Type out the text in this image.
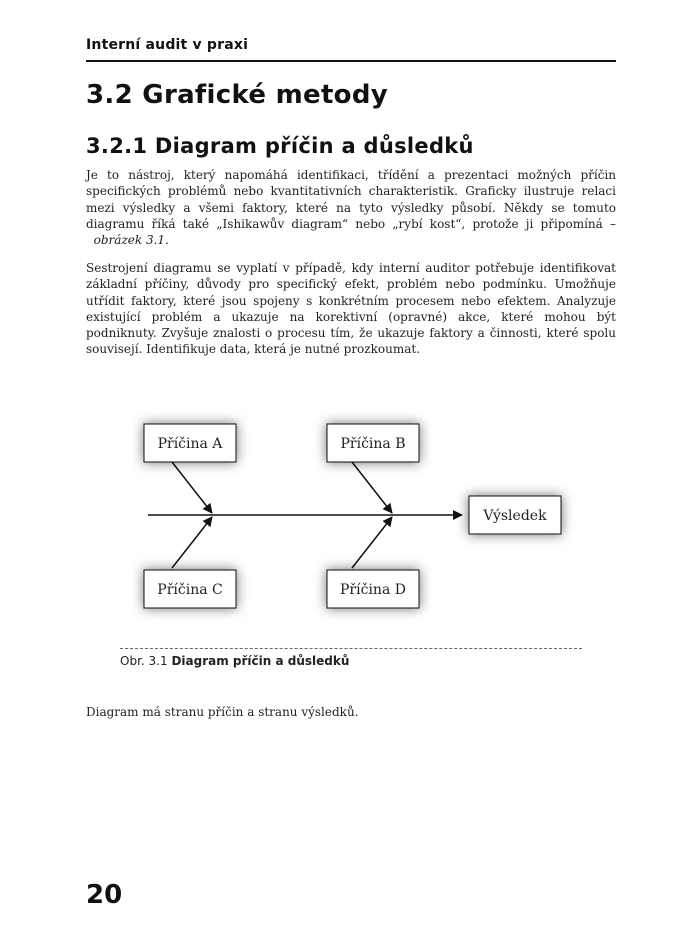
Interní audit v praxi
3.2 Grafické metody
3.2.1 Diagram příčin a důsledků

Je to nástroj, který napomáhá identifikaci, třídění a prezentaci možných příčin specifických problémů nebo kvantitativních charakteristik. Graficky ilustruje relaci mezi výsledky a všemi faktory, které na tyto výsledky působí. Někdy se tomuto diagramu říká také „Ishikawův diagram“ nebo „rybí kost“, protože ji připomíná –  obrázek 3.1.

Sestrojení diagramu se vyplatí v případě, kdy interní auditor potřebuje identifikovat základní příčiny, důvody pro specifický efekt, problém nebo podmínku. Umožňuje utřídit faktory, které jsou spojeny s konkrétním procesem nebo efektem. Analyzuje existující problém a ukazuje na korektivní (opravné) akce, které mohou být podniknuty. Zvyšuje znalosti o procesu tím, že ukazuje faktory a činnosti, které spolu souvisejí. Identifikuje data, která je nutné prozkoumat.

Příčina A	Příčina B
Příčina C	Příčina D
Výsledek
Obr. 3.1 Diagram příčin a důsledků

Diagram má stranu příčin a stranu výsledků.

20
